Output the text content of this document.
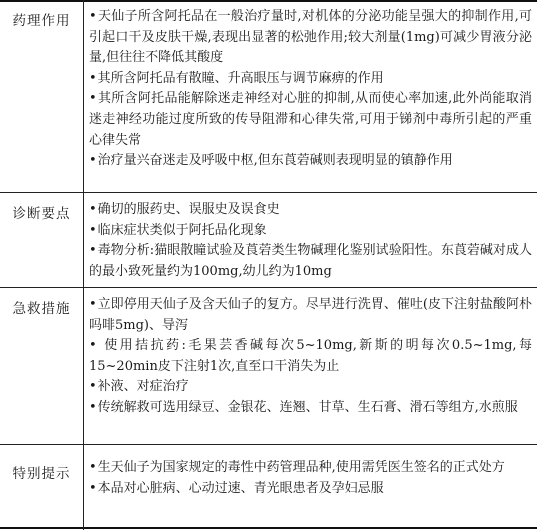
药理作用	•天仙子所含阿托品在一般治疗量时,对机体的分泌功能呈强大的抑制作用,可引起口干及皮肤干燥,表现出显著的松弛作用;较大剂量(1mg)可减少胃液分泌量,但往往不降低其酸度

•其所含阿托品有散瞳、升高眼压与调节麻痹的作用

•其所含阿托品能解除迷走神经对心脏的抑制,从而使心率加速,此外尚能取消迷走神经功能过度所致的传导阻滞和心律失常,可用于锑剂中毒所引起的严重心律失常

•治疗量兴奋迷走及呼吸中枢,但东莨菪碱则表现明显的镇静作用

诊断要点	•确切的服药史、误服史及误食史

•临床症状类似于阿托品化现象

•毒物分析:猫眼散瞳试验及莨菪类生物碱理化鉴别试验阳性。东莨菪碱对成人的最小致死量约为100mg,幼儿约为10mg

急救措施	•立即停用天仙子及含天仙子的复方。尽早进行洗胃、催吐(皮下注射盐酸阿朴吗啡5mg)、导泻

• 使用拮抗药:毛果芸香碱每次5~10mg,新斯的明每次0.5~1mg,每15~20min皮下注射1次,直至口干消失为止

•补液、对症治疗

•传统解救可选用绿豆、金银花、连翘、甘草、生石膏、滑石等组方,水煎服

特别提示	•生天仙子为国家规定的毒性中药管理品种,使用需凭医生签名的正式处方

•本品对心脏病、心动过速、青光眼患者及孕妇忌服
